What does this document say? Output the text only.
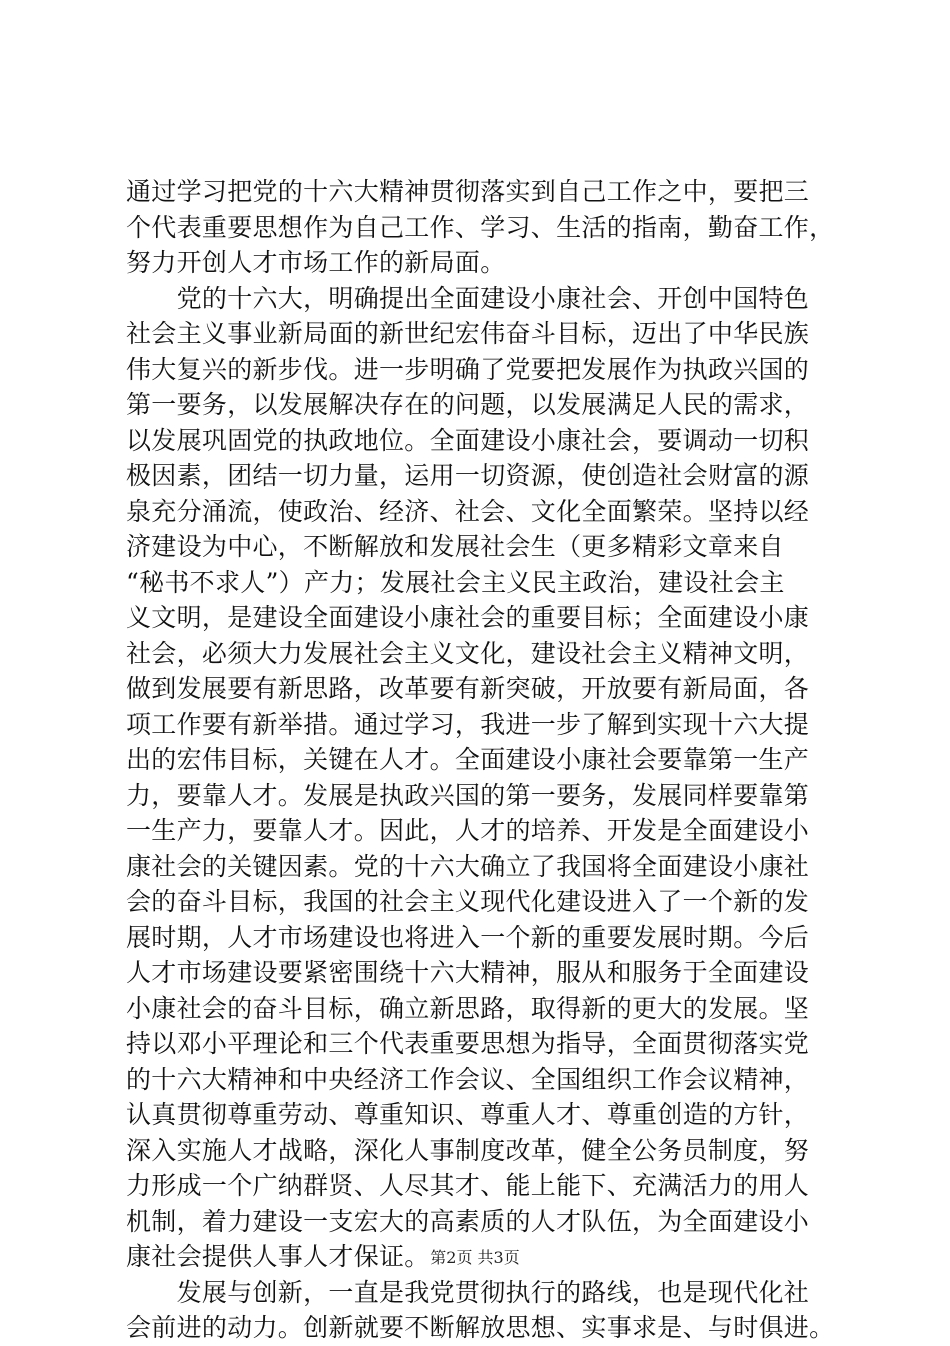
通过学习把党的十六大精神贯彻落实到自己工作之中，要把三
个代表重要思想作为自己工作、学习、生活的指南，勤奋工作，
努力开创人才市场工作的新局面。
　　党的十六大，明确提出全面建设小康社会、开创中国特色
社会主义事业新局面的新世纪宏伟奋斗目标，迈出了中华民族
伟大复兴的新步伐。进一步明确了党要把发展作为执政兴国的
第一要务，以发展解决存在的问题，以发展满足人民的需求，
以发展巩固党的执政地位。全面建设小康社会，要调动一切积
极因素，团结一切力量，运用一切资源，使创造社会财富的源
泉充分涌流，使政治、经济、社会、文化全面繁荣。坚持以经
济建设为中心，不断解放和发展社会生（更多精彩文章来自
“秘书不求人”）产力；发展社会主义民主政治，建设社会主
义文明，是建设全面建设小康社会的重要目标；全面建设小康
社会，必须大力发展社会主义文化，建设社会主义精神文明，
做到发展要有新思路，改革要有新突破，开放要有新局面，各
项工作要有新举措。通过学习，我进一步了解到实现十六大提
出的宏伟目标，关键在人才。全面建设小康社会要靠第一生产
力，要靠人才。发展是执政兴国的第一要务，发展同样要靠第
一生产力，要靠人才。因此，人才的培养、开发是全面建设小
康社会的关键因素。党的十六大确立了我国将全面建设小康社
会的奋斗目标，我国的社会主义现代化建设进入了一个新的发
展时期，人才市场建设也将进入一个新的重要发展时期。今后
人才市场建设要紧密围绕十六大精神，服从和服务于全面建设
小康社会的奋斗目标，确立新思路，取得新的更大的发展。坚
持以邓小平理论和三个代表重要思想为指导，全面贯彻落实党
的十六大精神和中央经济工作会议、全国组织工作会议精神，
认真贯彻尊重劳动、尊重知识、尊重人才、尊重创造的方针，
深入实施人才战略，深化人事制度改革，健全公务员制度，努
力形成一个广纳群贤、人尽其才、能上能下、充满活力的用人
机制，着力建设一支宏大的高素质的人才队伍，为全面建设小
康社会提供人事人才保证。
　　发展与创新，一直是我党贯彻执行的路线，也是现代化社
会前进的动力。创新就要不断解放思想、实事求是、与时俱进。
第2页 共3页
